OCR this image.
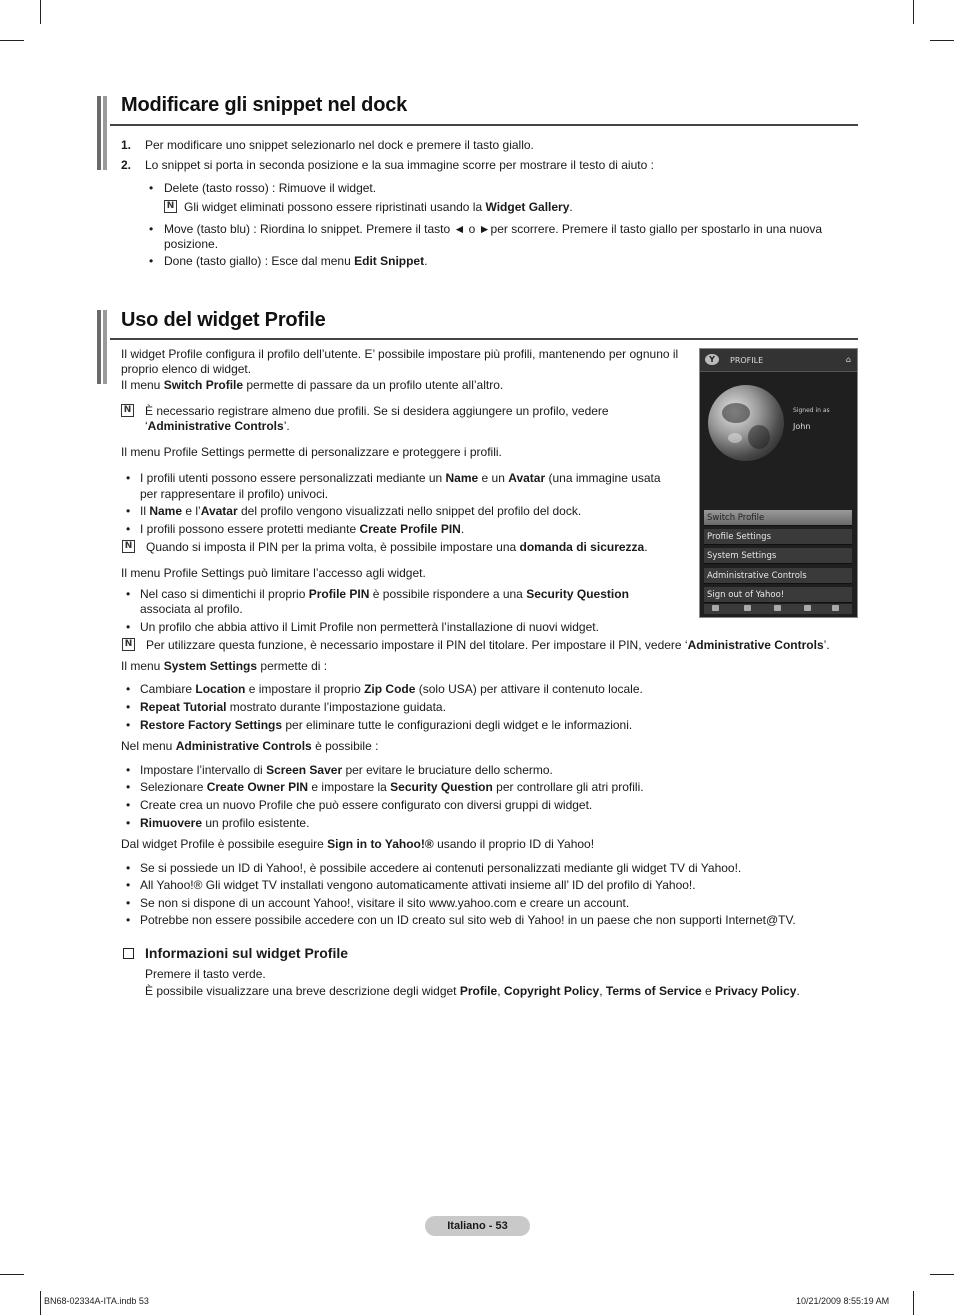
Modificare gli snippet nel dock
1. Per modificare uno snippet selezionarlo nel dock e premere il tasto giallo.
2. Lo snippet si porta in seconda posizione e la sua immagine scorre per mostrare il testo di aiuto :
• Delete (tasto rosso) : Rimuove il widget.
N Gli widget eliminati possono essere ripristinati usando la Widget Gallery.
• Move (tasto blu) : Riordina lo snippet. Premere il tasto ◄ o ►per scorrere. Premere il tasto giallo per spostarlo in una nuova
posizione.
• Done (tasto giallo) : Esce dal menu Edit Snippet.
Uso del widget Profile
Il widget Profile configura il profilo dell’utente. E’ possibile impostare più profili, mantenendo per ognuno il
proprio elenco di widget.
Il menu Switch Profile permette di passare da un profilo utente all’altro.
N È necessario registrare almeno due profili. Se si desidera aggiungere un profilo, vedere
‘Administrative Controls’.
Il menu Profile Settings permette di personalizzare e proteggere i profili.
• I profili utenti possono essere personalizzati mediante un Name e un Avatar (una immagine usata
per rappresentare il profilo) univoci.
• Il Name e l’Avatar del profilo vengono visualizzati nello snippet del profilo del dock.
• I profili possono essere protetti mediante Create Profile PIN.
N Quando si imposta il PIN per la prima volta, è possibile impostare una domanda di sicurezza.
Il menu Profile Settings può limitare l’accesso agli widget.
• Nel caso si dimentichi il proprio Profile PIN è possibile rispondere a una Security Question
associata al profilo.
• Un profilo che abbia attivo il Limit Profile non permetterà l’installazione di nuovi widget.
N Per utilizzare questa funzione, è necessario impostare il PIN del titolare. Per impostare il PIN, vedere ‘Administrative Controls’.
Il menu System Settings permette di :
• Cambiare Location e impostare il proprio Zip Code (solo USA) per attivare il contenuto locale.
• Repeat Tutorial mostrato durante l’impostazione guidata.
• Restore Factory Settings per eliminare tutte le configurazioni degli widget e le informazioni.
Nel menu Administrative Controls è possibile :
• Impostare l’intervallo di Screen Saver per evitare le bruciature dello schermo.
• Selezionare Create Owner PIN e impostare la Security Question per controllare gli atri profili.
• Create crea un nuovo Profile che può essere configurato con diversi gruppi di widget.
• Rimuovere un profilo esistente.
Dal widget Profile è possibile eseguire Sign in to Yahoo!® usando il proprio ID di Yahoo!
• Se si possiede un ID di Yahoo!, è possibile accedere ai contenuti personalizzati mediante gli widget TV di Yahoo!.
• All Yahoo!® Gli widget TV installati vengono automaticamente attivati insieme all’ ID del profilo di Yahoo!.
• Se non si dispone di un account Yahoo!, visitare il sito www.yahoo.com e creare un account.
• Potrebbe non essere possibile accedere con un ID creato sul sito web di Yahoo! in un paese che non supporti Internet@TV.
Informazioni sul widget Profile
Premere il tasto verde.
È possibile visualizzare una breve descrizione degli widget Profile, Copyright Policy, Terms of Service e Privacy Policy.
Y	PROFILE	⌂
Signed in as
John
Switch Profile
Profile Settings
System Settings
Administrative Controls
Sign out of Yahoo!
Italiano - 53
BN68-02334A-ITA.indb 53	10/21/2009 8:55:19 AM
